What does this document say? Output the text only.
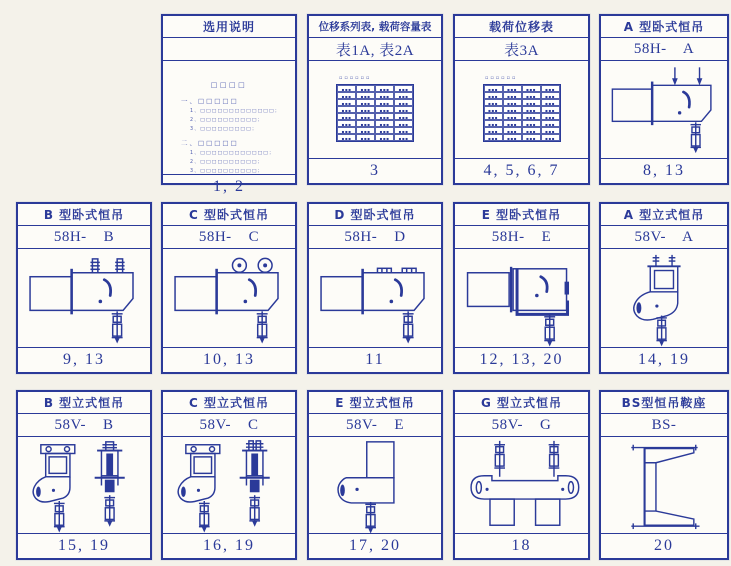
选用说明
□□□□
一、□□□□□
1、□□□□□□□□□□□□□；
2、□□□□□□□□□□；
3、□□□□□□□□□；
二、□□□□□
1、□□□□□□□□□□□□；
2、□□□□□□□□□□；
3、□□□□□□□□□□；
1, 2
位移系列表, 载荷容量表
表1A, 表2A
▫▫▫▫▫▫
▪▪▪	▪▪▪	▪▪▪	▪▪▪
▪▪▪	▪▪▪	▪▪▪	▪▪▪
▪▪▪	▪▪▪	▪▪▪	▪▪▪
▪▪▪	▪▪▪	▪▪▪	▪▪▪
▪▪▪	▪▪▪	▪▪▪	▪▪▪
▪▪▪	▪▪▪	▪▪▪	▪▪▪
▪▪▪	▪▪▪	▪▪▪	▪▪▪
▪▪▪	▪▪▪	▪▪▪	▪▪▪
3
载荷位移表
表3A
▫▫▫▫▫▫
▪▪▪	▪▪▪	▪▪▪	▪▪▪
▪▪▪	▪▪▪	▪▪▪	▪▪▪
▪▪▪	▪▪▪	▪▪▪	▪▪▪
▪▪▪	▪▪▪	▪▪▪	▪▪▪
▪▪▪	▪▪▪	▪▪▪	▪▪▪
▪▪▪	▪▪▪	▪▪▪	▪▪▪
▪▪▪	▪▪▪	▪▪▪	▪▪▪
▪▪▪	▪▪▪	▪▪▪	▪▪▪
4, 5, 6, 7
A 型卧式恒吊
58H-    A
8, 13
B 型卧式恒吊
58H-    B
9, 13
C 型卧式恒吊
58H-    C
10, 13
D 型卧式恒吊
58H-    D
11
E 型卧式恒吊
58H-    E
12, 13, 20
A 型立式恒吊
58V-    A
14, 19
B 型立式恒吊
58V-    B
15, 19
C 型立式恒吊
58V-    C
16, 19
E 型立式恒吊
58V-    E
17, 20
G 型立式恒吊
58V-    G
18
BS型恒吊鞍座
BS-
20
